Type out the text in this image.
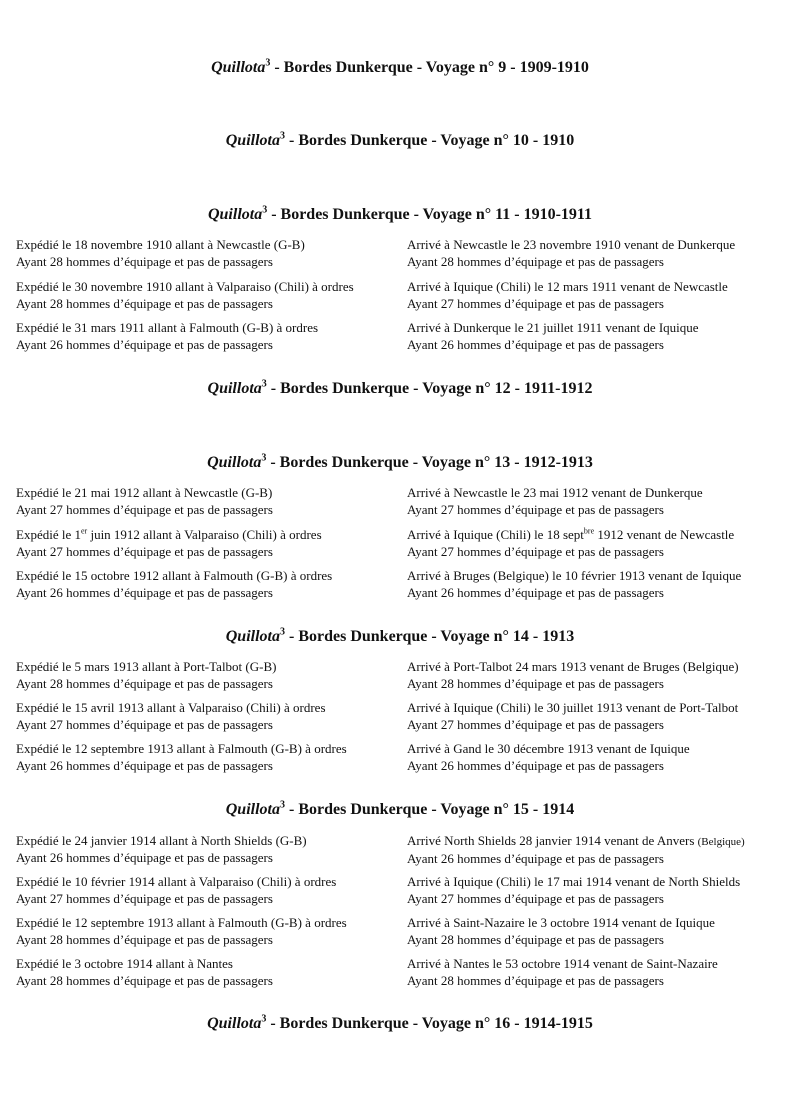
Quillota$^3$ - Bordes Dunkerque - Voyage n° 9 - 1909-1910
Quillota$^3$ - Bordes Dunkerque - Voyage n° 10 - 1910
Quillota$^3$ - Bordes Dunkerque - Voyage n° 11 - 1910-1911
Expédié le 18 novembre 1910 allant à Newcastle (G-B)
Ayant 28 hommes d’équipage et pas de passagers
Arrivé à Newcastle le 23 novembre 1910 venant de Dunkerque
Ayant 28 hommes d’équipage et pas de passagers
Expédié le 30 novembre 1910 allant à Valparaiso (Chili) à ordres
Ayant 28 hommes d’équipage et pas de passagers
Arrivé à Iquique (Chili) le 12 mars 1911 venant de Newcastle
Ayant 27 hommes d’équipage et pas de passagers
Expédié le 31 mars 1911 allant à Falmouth (G-B) à ordres
Ayant 26 hommes d’équipage et pas de passagers
Arrivé à Dunkerque le 21 juillet 1911 venant de Iquique
Ayant 26 hommes d’équipage et pas de passagers
Quillota$^3$ - Bordes Dunkerque - Voyage n° 12 - 1911-1912
Quillota$^3$ - Bordes Dunkerque - Voyage n° 13 - 1912-1913
Expédié le 21 mai 1912 allant à Newcastle (G-B)
Ayant 27 hommes d’équipage et pas de passagers
Arrivé à Newcastle le 23 mai 1912 venant de Dunkerque
Ayant 27 hommes d’équipage et pas de passagers
Expédié le 1er juin 1912 allant à Valparaiso (Chili) à ordres
Ayant 27 hommes d’équipage et pas de passagers
Arrivé à Iquique (Chili) le 18 sept$^{bre}$ 1912 venant de Newcastle
Ayant 27 hommes d’équipage et pas de passagers
Expédié le 15 octobre 1912 allant à Falmouth (G-B) à ordres
Ayant 26 hommes d’équipage et pas de passagers
Arrivé à Bruges (Belgique) le 10 février 1913 venant de Iquique
Ayant 26 hommes d’équipage et pas de passagers
Quillota$^3$ - Bordes Dunkerque - Voyage n° 14 - 1913
Expédié le 5 mars 1913 allant à Port-Talbot (G-B)
Ayant 28 hommes d’équipage et pas de passagers
Arrivé à Port-Talbot 24 mars 1913 venant de Bruges (Belgique)
Ayant 28 hommes d’équipage et pas de passagers
Expédié le 15 avril 1913 allant à Valparaiso (Chili) à ordres
Ayant 27 hommes d’équipage et pas de passagers
Arrivé à Iquique (Chili) le 30 juillet 1913 venant de Port-Talbot
Ayant 27 hommes d’équipage et pas de passagers
Expédié le 12 septembre 1913 allant à Falmouth (G-B) à ordres
Ayant 26 hommes d’équipage et pas de passagers
Arrivé à Gand le 30 décembre 1913 venant de Iquique
Ayant 26 hommes d’équipage et pas de passagers
Quillota$^3$ - Bordes Dunkerque - Voyage n° 15 - 1914
Expédié le 24 janvier 1914 allant à North Shields (G-B)
Ayant 26 hommes d’équipage et pas de passagers
Arrivé North Shields 28 janvier 1914 venant de Anvers (Belgique)
Ayant 26 hommes d’équipage et pas de passagers
Expédié le 10 février 1914 allant à Valparaiso (Chili) à ordres
Ayant 27 hommes d’équipage et pas de passagers
Arrivé à Iquique (Chili) le 17 mai 1914 venant de North Shields
Ayant 27 hommes d’équipage et pas de passagers
Expédié le 12 septembre 1913 allant à Falmouth (G-B) à ordres
Ayant 28 hommes d’équipage et pas de passagers
Arrivé à Saint-Nazaire le 3 octobre 1914 venant de Iquique
Ayant 28 hommes d’équipage et pas de passagers
Expédié le 3 octobre 1914 allant à Nantes
Ayant 28 hommes d’équipage et pas de passagers
Arrivé à Nantes le 53 octobre 1914 venant de Saint-Nazaire
Ayant 28 hommes d’équipage et pas de passagers
Quillota$^3$ - Bordes Dunkerque - Voyage n° 16 - 1914-1915
